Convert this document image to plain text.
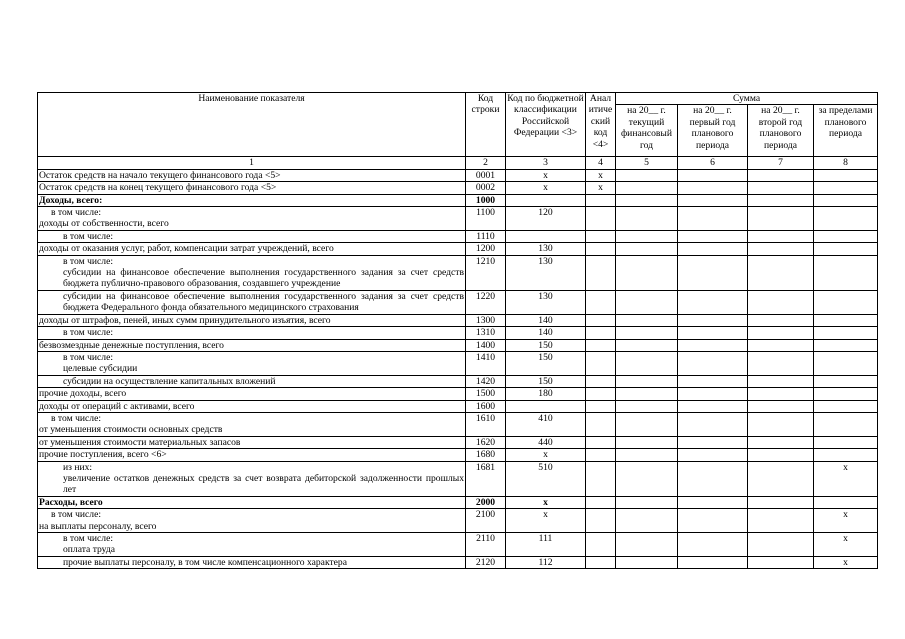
Наименование показателя	Код строки	Код по бюджетной классификации Российской Федерации <3>	Анал итиче ский код <4>	Сумма			
				на 20__ г. текущий финансовый год	на 20__ г. первый год планового периода	на 20__ г. второй год планового периода	за пределами планового периода
1	2	3	4	5	6	7	8

Остаток средств на начало текущего финансового года <5>	0001	x	x				

Остаток средств на конец текущего финансового года <5>	0002	x	x				

Доходы, всего:	1000						

в том числе:
доходы от собственности, всего	1100	120					

в том числе:	1110						

доходы от оказания услуг, работ, компенсации затрат учреждений, всего	1200	130					

в том числе:
субсидии на финансовое обеспечение выполнения государственного задания за счет средств бюджета публично-правового образования, создавшего учреждение	1210	130					

субсидии на финансовое обеспечение выполнения государственного задания за счет средств бюджета Федерального фонда обязательного медицинского страхования	1220	130					

доходы от штрафов, пеней, иных сумм принудительного изъятия, всего	1300	140					

в том числе:	1310	140					

безвозмездные денежные поступления, всего	1400	150					

в том числе:
целевые субсидии	1410	150					

субсидии на осуществление капитальных вложений	1420	150					

прочие доходы, всего	1500	180					

доходы от операций с активами, всего	1600						

в том числе:
от уменьшения стоимости основных средств	1610	410					

от уменьшения стоимости материальных запасов	1620	440					

прочие поступления, всего <6>	1680	x					

из них:
увеличение остатков денежных средств за счет возврата дебиторской задолженности прошлых лет	1681	510					x

Расходы, всего	2000	x					

в том числе:
на выплаты персоналу, всего	2100	x					x

в том числе:
оплата труда	2110	111					x

прочие выплаты персоналу, в том числе компенсационного характера	2120	112					x
